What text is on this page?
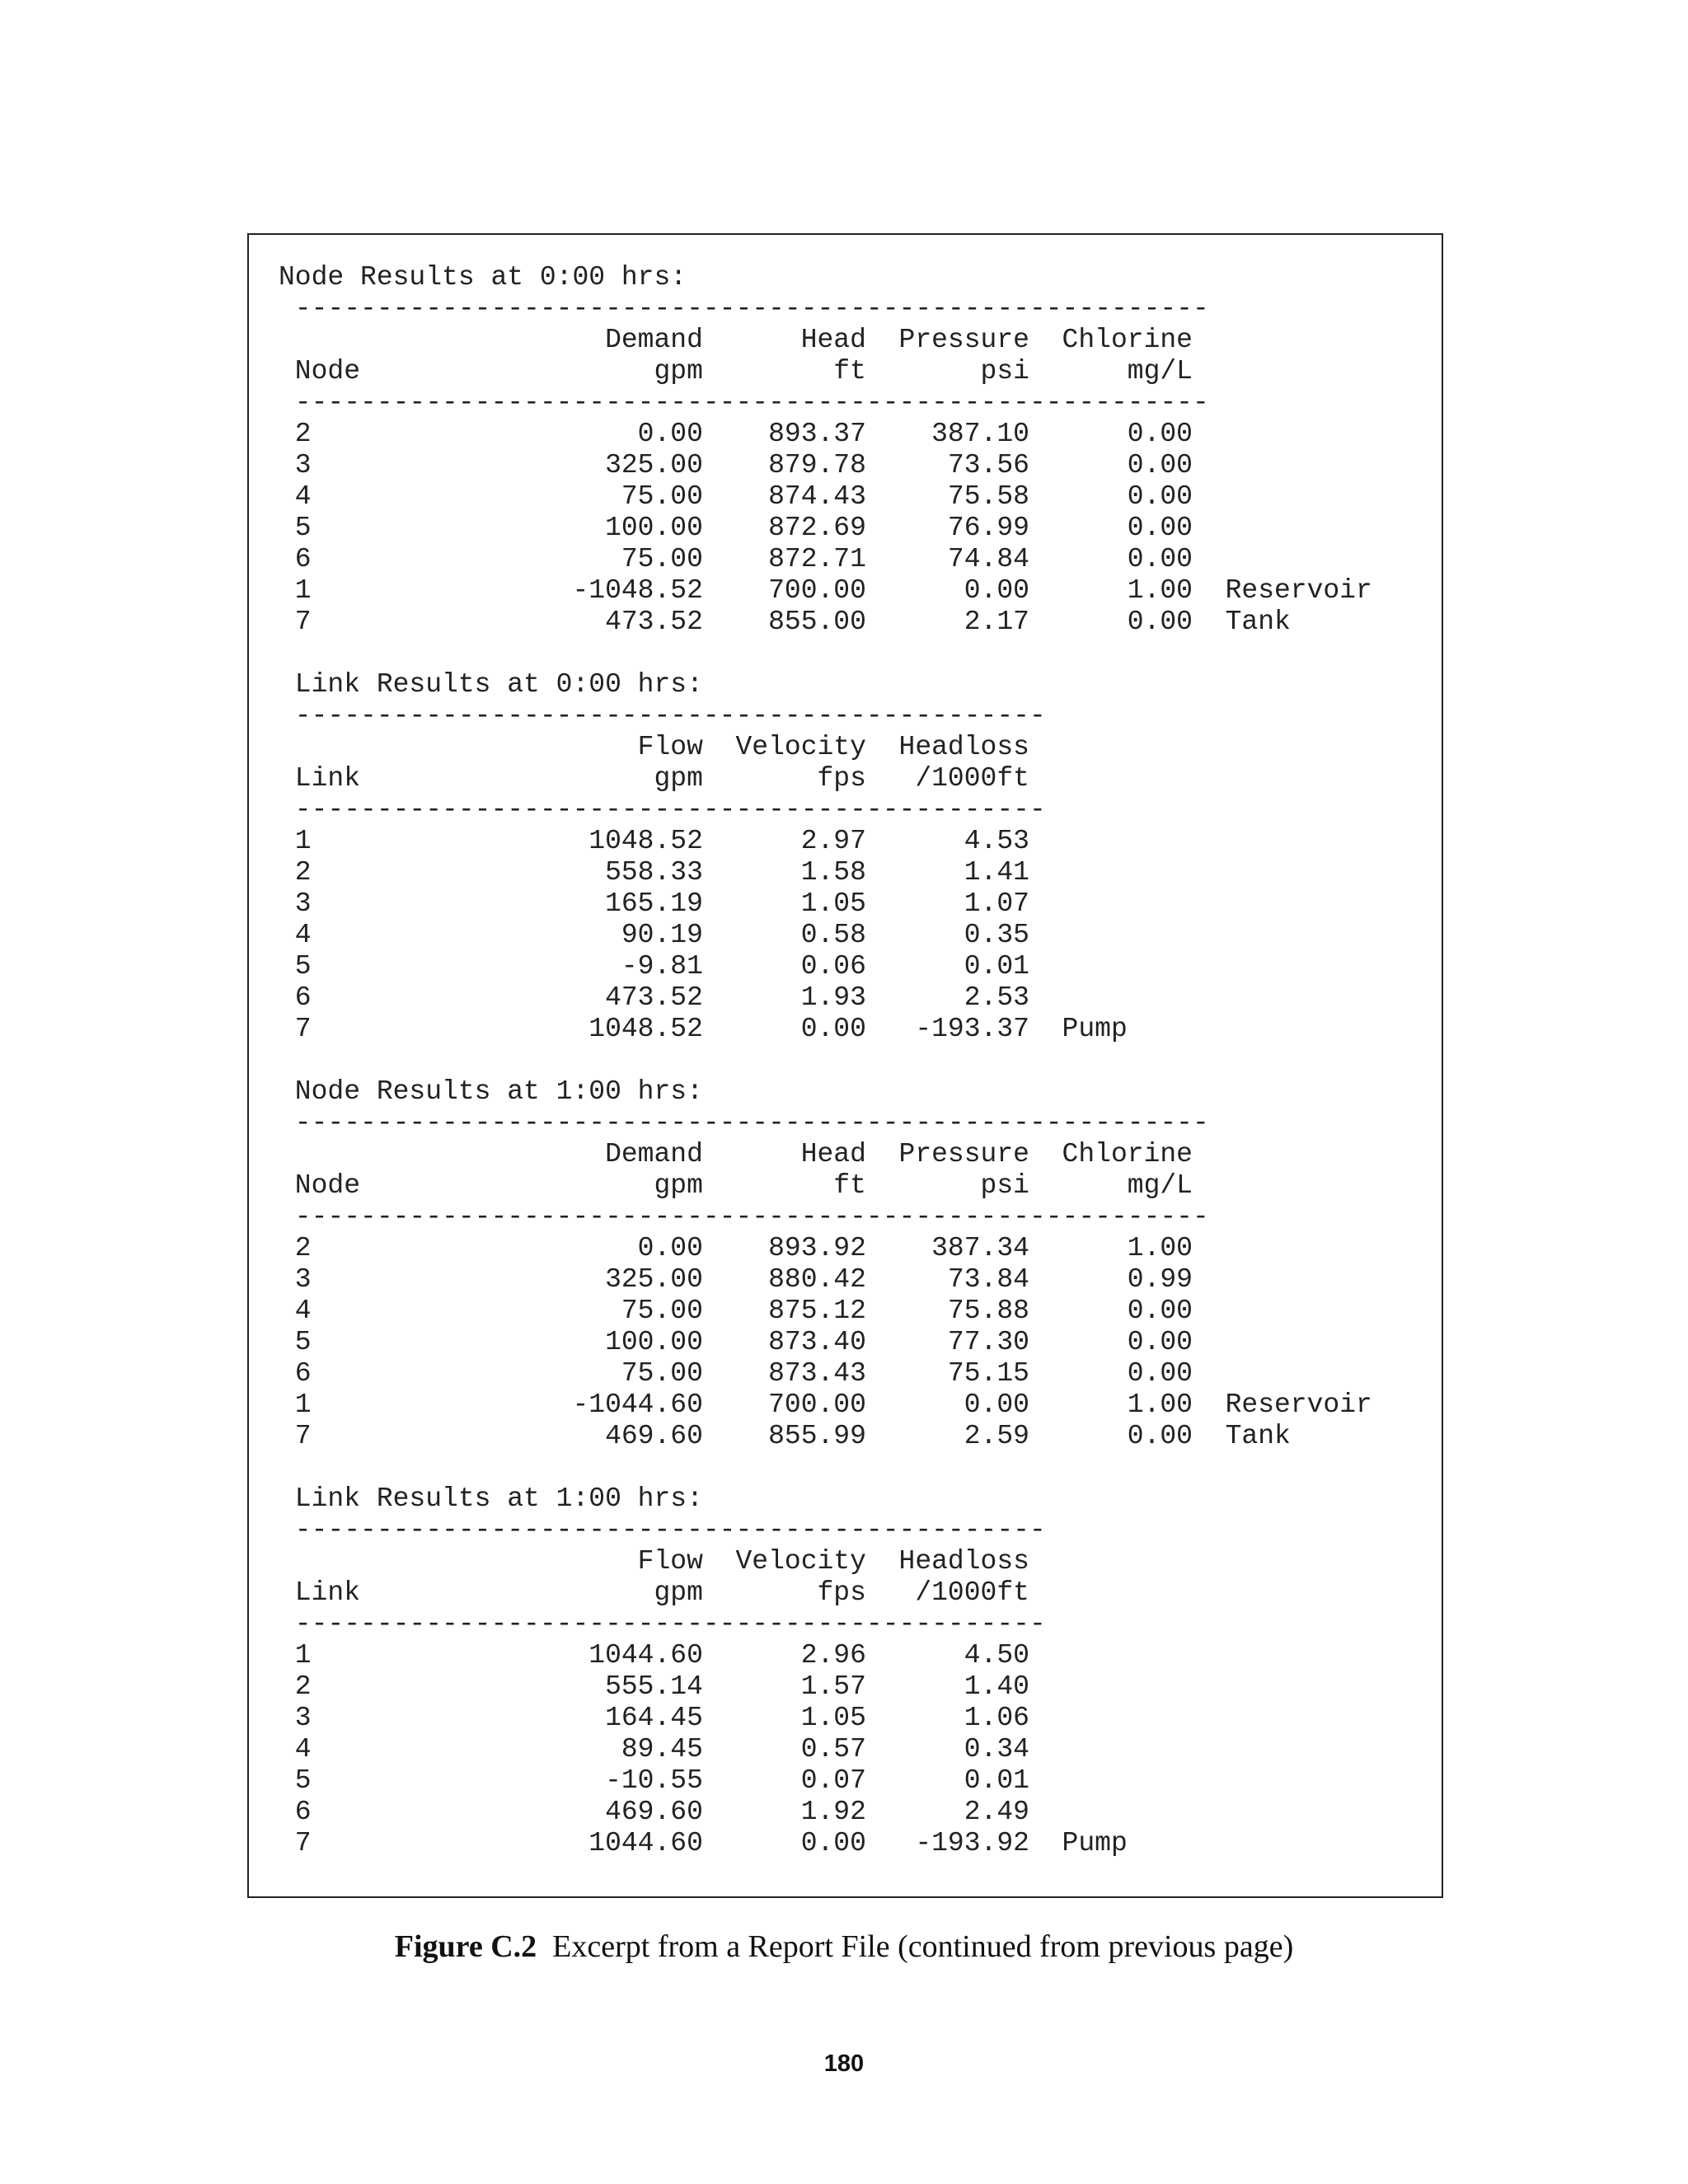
Node Results at 0:00 hrs:
--------------------------------------------------------
Demand      Head  Pressure  Chlorine
Node                  gpm        ft       psi      mg/L
--------------------------------------------------------
2                    0.00    893.37    387.10      0.00
3                  325.00    879.78     73.56      0.00
4                   75.00    874.43     75.58      0.00
5                  100.00    872.69     76.99      0.00
6                   75.00    872.71     74.84      0.00
1                -1048.52    700.00      0.00      1.00  Reservoir
7                  473.52    855.00      2.17      0.00  Tank

Link Results at 0:00 hrs:
----------------------------------------------
Flow  Velocity  Headloss
Link                  gpm       fps   /1000ft
----------------------------------------------
1                 1048.52      2.97      4.53
2                  558.33      1.58      1.41
3                  165.19      1.05      1.07
4                   90.19      0.58      0.35
5                   -9.81      0.06      0.01
6                  473.52      1.93      2.53
7                 1048.52      0.00   -193.37  Pump

Node Results at 1:00 hrs:
--------------------------------------------------------
Demand      Head  Pressure  Chlorine
Node                  gpm        ft       psi      mg/L
--------------------------------------------------------
2                    0.00    893.92    387.34      1.00
3                  325.00    880.42     73.84      0.99
4                   75.00    875.12     75.88      0.00
5                  100.00    873.40     77.30      0.00
6                   75.00    873.43     75.15      0.00
1                -1044.60    700.00      0.00      1.00  Reservoir
7                  469.60    855.99      2.59      0.00  Tank

Link Results at 1:00 hrs:
----------------------------------------------
Flow  Velocity  Headloss
Link                  gpm       fps   /1000ft
----------------------------------------------
1                 1044.60      2.96      4.50
2                  555.14      1.57      1.40
3                  164.45      1.05      1.06
4                   89.45      0.57      0.34
5                  -10.55      0.07      0.01
6                  469.60      1.92      2.49
7                 1044.60      0.00   -193.92  Pump
Figure C.2 Excerpt from a Report File (continued from previous page)
180
